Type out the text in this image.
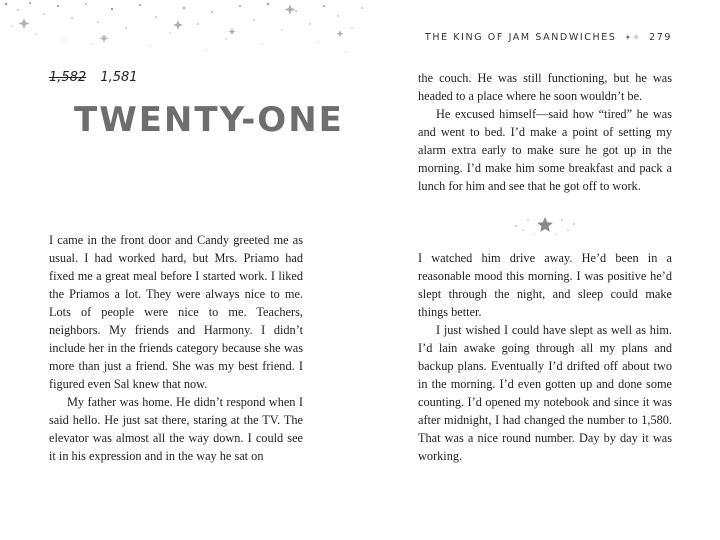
THE KING OF JAM SANDWICHES ✦✧ 279
1,582 1,581
TWENTY-ONE

I came in the front door and Candy greeted me as usual. I had worked hard, but Mrs. Priamo had fixed me a great meal before I started work. I liked the Priamos a lot. They were always nice to me. Lots of people were nice to me. Teachers, neighbors. My friends and Harmony. I didn’t include her in the friends category because she was more than just a friend. She was my best friend. I figured even Sal knew that now.

My father was home. He didn’t respond when I said hello. He just sat there, staring at the TV. The elevator was almost all the way down. I could see it in his expression and in the way he sat on

the couch. He was still functioning, but he was headed to a place where he soon wouldn’t be.

He excused himself—said how “tired” he was and went to bed. I’d make a point of setting my alarm extra early to make sure he got up in the morning. I’d make him some breakfast and pack a lunch for him and see that he got off to work.

I watched him drive away. He’d been in a reasonable mood this morning. I was positive he’d slept through the night, and sleep could make things better.

I just wished I could have slept as well as him. I’d lain awake going through all my plans and backup plans. Eventually I’d drifted off about two in the morning. I’d even gotten up and done some counting. I’d opened my notebook and since it was after midnight, I had changed the number to 1,580. That was a nice round number. Day by day it was working.
